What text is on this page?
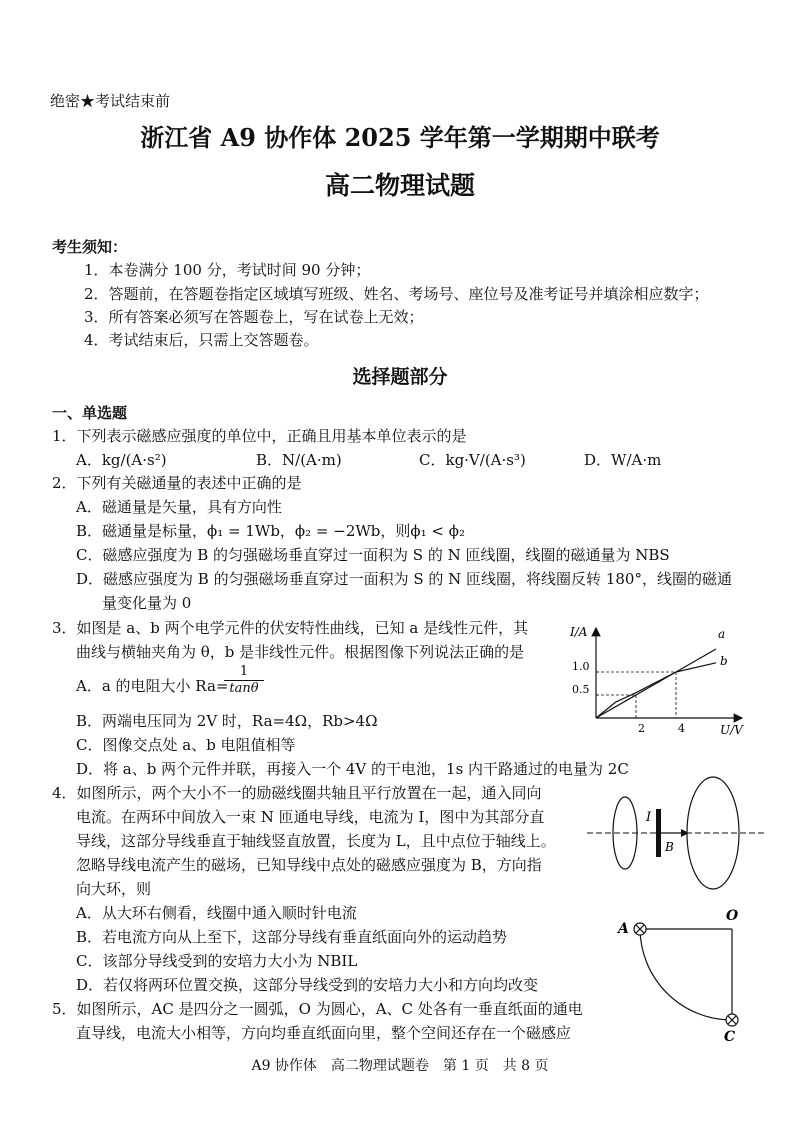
绝密★考试结束前
浙江省 A9 协作体 2025 学年第一学期期中联考
高二物理试题
考生须知：
1．本卷满分 100 分，考试时间 90 分钟；
2．答题前，在答题卷指定区域填写班级、姓名、考场号、座位号及准考证号并填涂相应数字；
3．所有答案必须写在答题卷上，写在试卷上无效；
4．考试结束后，只需上交答题卷。
选择题部分
一、单选题
1．下列表示磁感应强度的单位中，正确且用基本单位表示的是
A．kg/(A·s²)	B．N/(A·m)	C．kg·V/(A·s³)	D．W/A·m
2．下列有关磁通量的表述中正确的是
A．磁通量是矢量，具有方向性
B．磁通量是标量，ϕ₁ = 1Wb，ϕ₂ = −2Wb，则ϕ₁ < ϕ₂
C．磁感应强度为 B 的匀强磁场垂直穿过一面积为 S 的 N 匝线圈，线圈的磁通量为 NBS
D．磁感应强度为 B 的匀强磁场垂直穿过一面积为 S 的 N 匝线圈，将线圈反转 180°，线圈的磁通
量变化量为 0
3．如图是 a、b 两个电学元件的伏安特性曲线，已知 a 是线性元件，其
曲线与横轴夹角为 θ，b 是非线性元件。根据图像下列说法正确的是
A．a 的电阻大小 Ra=
$\frac{1}{\tan\theta}$
B．两端电压同为 2V 时，Ra=4Ω，Rb>4Ω
C．图像交点处 a、b 电阻值相等
D．将 a、b 两个元件并联，再接入一个 4V 的干电池，1s 内干路通过的电量为 2C
I/A
U/V
1.0
0.5
2	4
a
b
4．如图所示，两个大小不一的励磁线圈共轴且平行放置在一起，通入同向
电流。在两环中间放入一束 N 匝通电导线，电流为 I，图中为其部分直
导线，这部分导线垂直于轴线竖直放置，长度为 L，且中点位于轴线上。
忽略导线电流产生的磁场，已知导线中点处的磁感应强度为 B，方向指
向大环，则
A．从大环右侧看，线圈中通入顺时针电流
B．若电流方向从上至下，这部分导线有垂直纸面向外的运动趋势
C．该部分导线受到的安培力大小为 NBIL
D．若仅将两环位置交换，这部分导线受到的安培力大小和方向均改变
I
B
5．如图所示，AC 是四分之一圆弧，O 为圆心，A、C 处各有一垂直纸面的通电
直导线，电流大小相等，方向均垂直纸面向里，整个空间还存在一个磁感应
A
O
C
A9 协作体　高二物理试题卷　第 1 页　共 8 页
